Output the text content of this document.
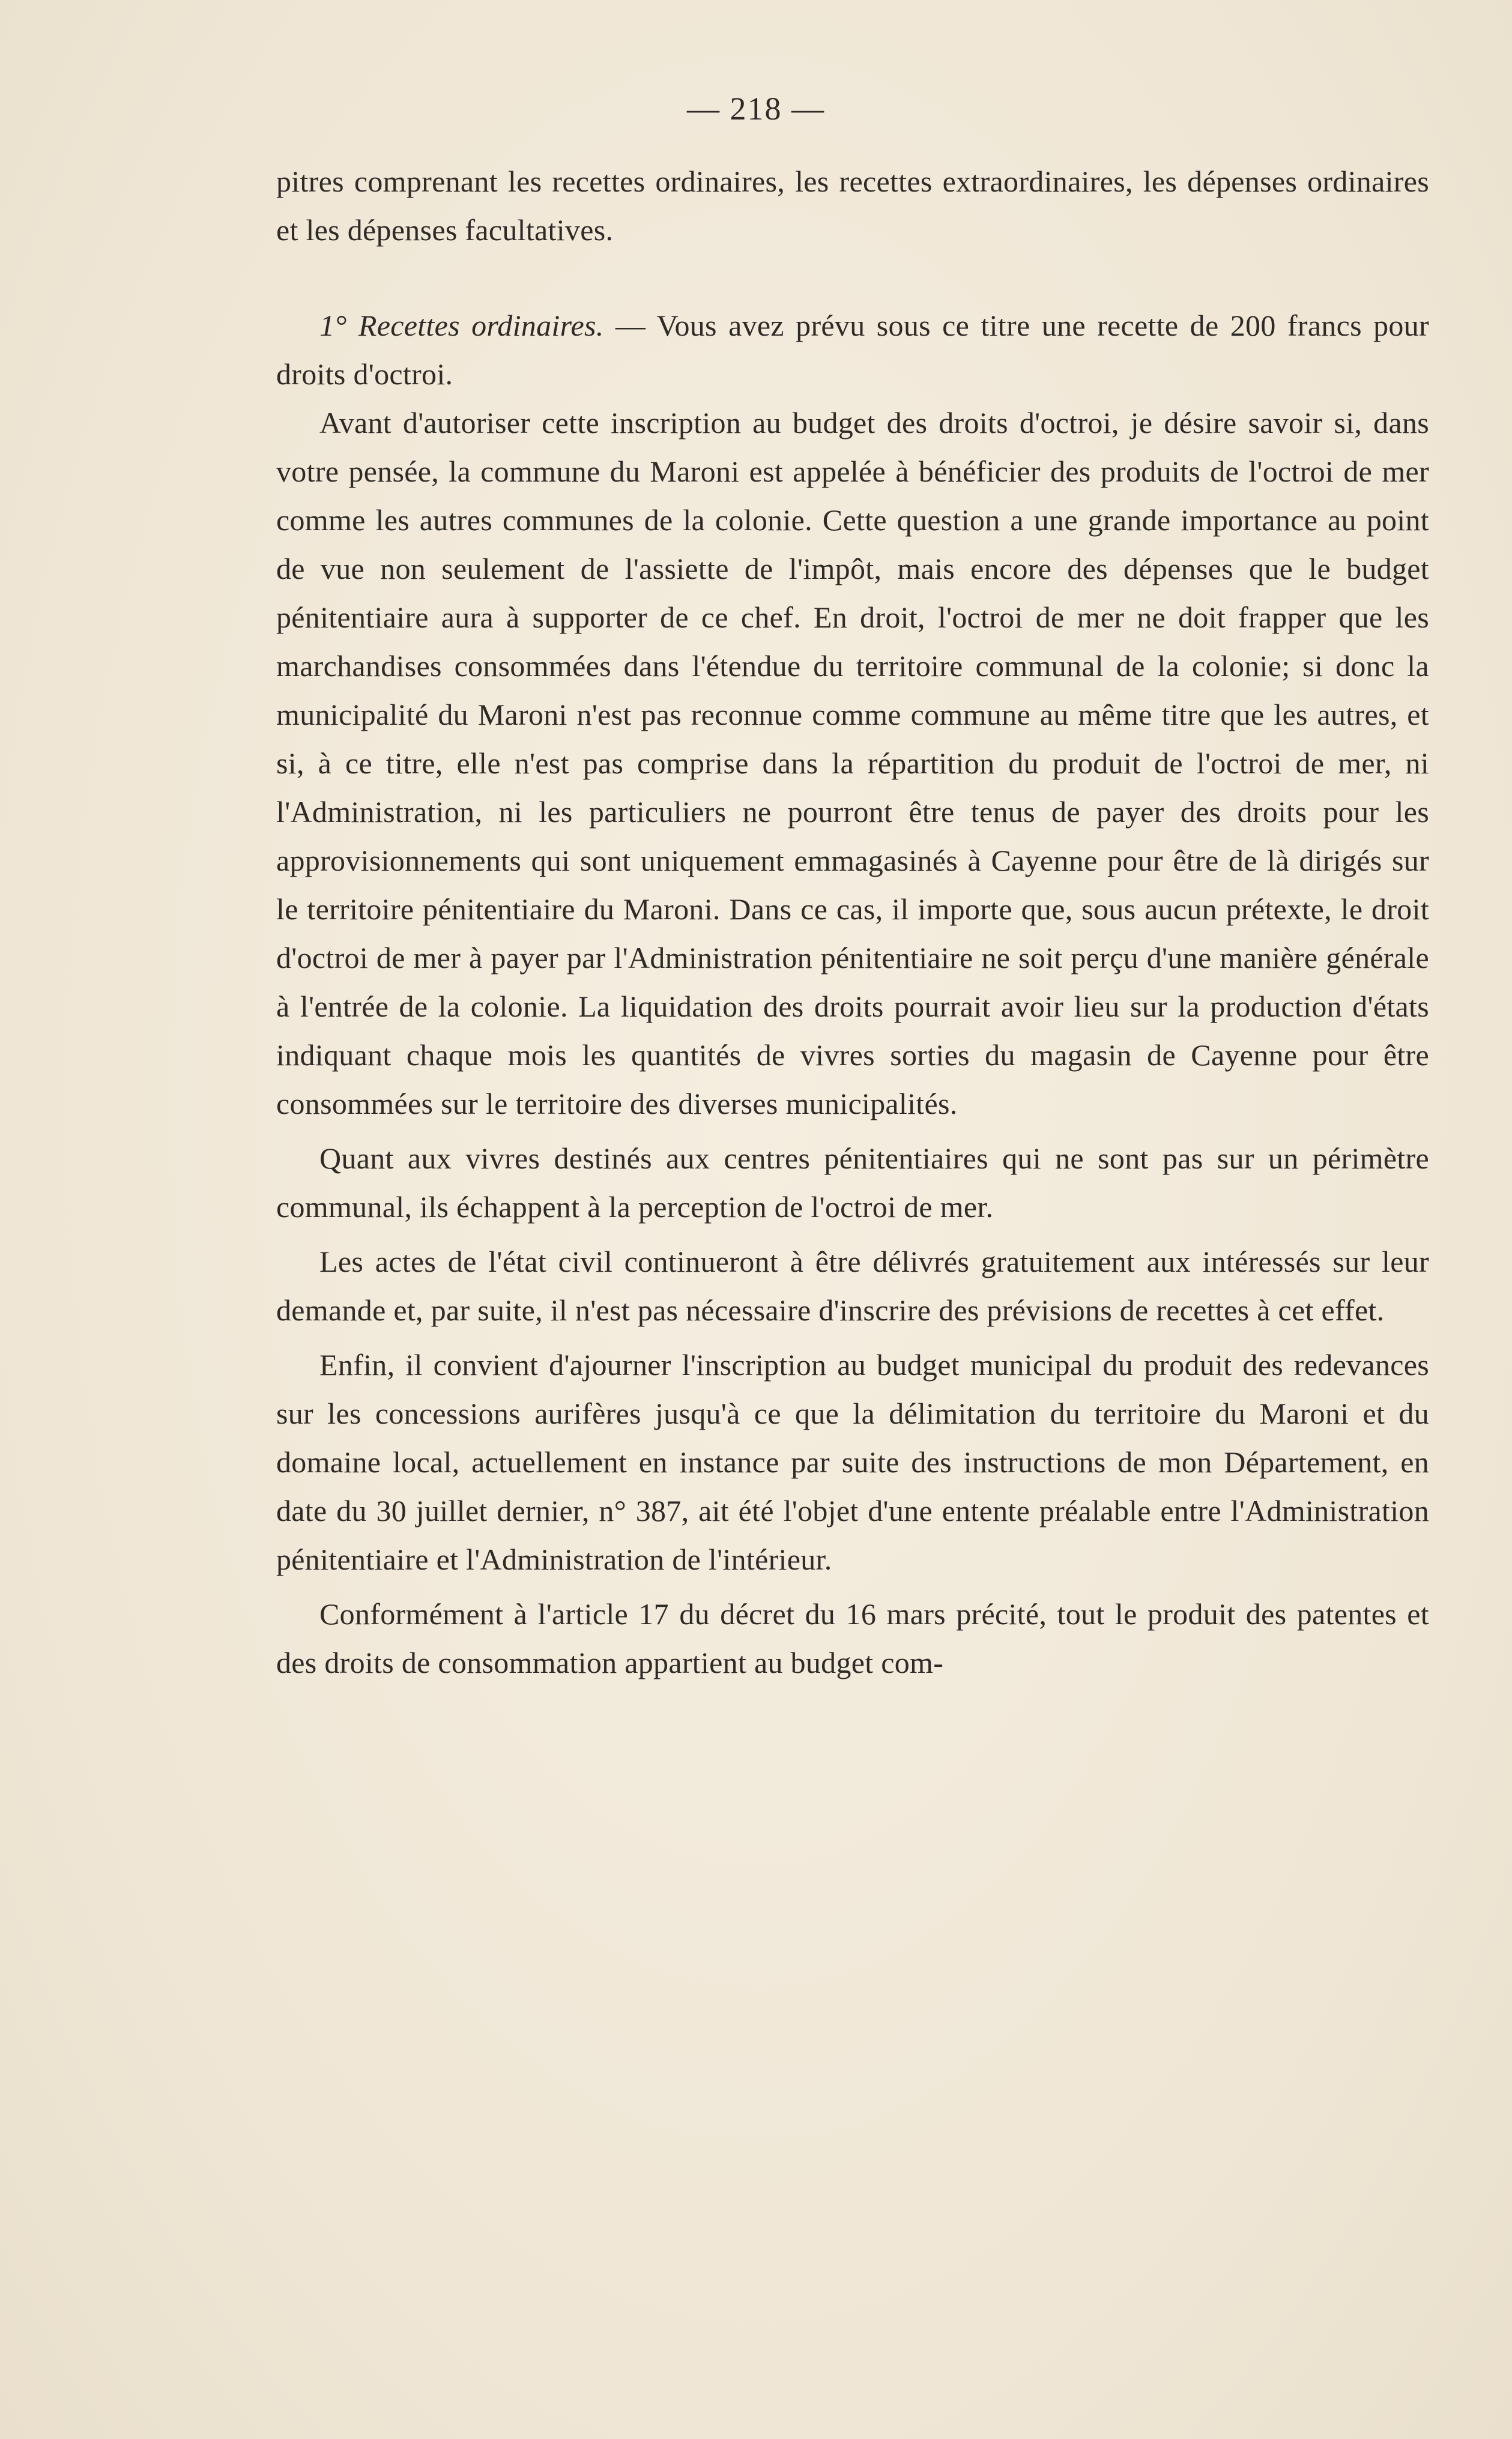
— 218 —

pitres comprenant les recettes ordinaires, les recettes extraordinaires, les dépenses ordinaires et les dépenses facultatives.

1° Recettes ordinaires. — Vous avez prévu sous ce titre une recette de 200 francs pour droits d'octroi.

Avant d'autoriser cette inscription au budget des droits d'octroi, je désire savoir si, dans votre pensée, la commune du Maroni est appelée à bénéficier des produits de l'octroi de mer comme les autres communes de la colonie. Cette question a une grande importance au point de vue non seulement de l'assiette de l'impôt, mais encore des dépenses que le budget pénitentiaire aura à supporter de ce chef. En droit, l'octroi de mer ne doit frapper que les marchandises consommées dans l'étendue du territoire communal de la colonie; si donc la municipalité du Maroni n'est pas reconnue comme commune au même titre que les autres, et si, à ce titre, elle n'est pas comprise dans la répartition du produit de l'octroi de mer, ni l'Administration, ni les particuliers ne pourront être tenus de payer des droits pour les approvisionnements qui sont uniquement emmagasinés à Cayenne pour être de là dirigés sur le territoire pénitentiaire du Maroni. Dans ce cas, il importe que, sous aucun prétexte, le droit d'octroi de mer à payer par l'Administration pénitentiaire ne soit perçu d'une manière générale à l'entrée de la colonie. La liquidation des droits pourrait avoir lieu sur la production d'états indiquant chaque mois les quantités de vivres sorties du magasin de Cayenne pour être consommées sur le territoire des diverses municipalités.

Quant aux vivres destinés aux centres pénitentiaires qui ne sont pas sur un périmètre communal, ils échappent à la perception de l'octroi de mer.

Les actes de l'état civil continueront à être délivrés gratuitement aux intéressés sur leur demande et, par suite, il n'est pas nécessaire d'inscrire des prévisions de recettes à cet effet.

Enfin, il convient d'ajourner l'inscription au budget municipal du produit des redevances sur les concessions aurifères jusqu'à ce que la délimitation du territoire du Maroni et du domaine local, actuellement en instance par suite des instructions de mon Département, en date du 30 juillet dernier, n° 387, ait été l'objet d'une entente préalable entre l'Administration pénitentiaire et l'Administration de l'intérieur.

Conformément à l'article 17 du décret du 16 mars précité, tout le produit des patentes et des droits de consommation appartient au budget com-
